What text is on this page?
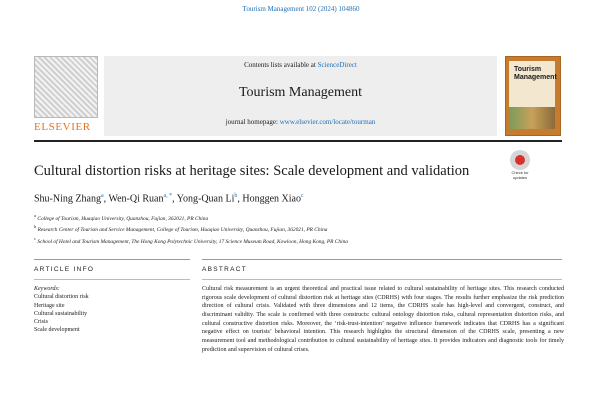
Tourism Management 102 (2024) 104860
ELSEVIER
Contents lists available at ScienceDirect
Tourism Management
journal homepage: www.elsevier.com/locate/tourman
Tourism Management
Check for updates
Cultural distortion risks at heritage sites: Scale development and validation
Shu-Ning Zhang$^a$, Wen-Qi Ruan$^{a, *}$, Yong-Quan Li$^b$, Honggen Xiao$^c$
$^a$ College of Tourism, Huaqiao University, Quanzhou, Fujian, 362021, PR China
$^b$ Research Center of Tourism and Service Management, College of Tourism, Huaqiao University, Quanzhou, Fujian, 362021, PR China
$^c$ School of Hotel and Tourism Management, The Hong Kong Polytechnic University, 17 Science Museum Road, Kowloon, Hong Kong, PR China
ARTICLE INFO	ABSTRACT
Keywords:
Cultural distortion risk
Heritage site
Cultural sustainability
Crisis
Scale development
Cultural risk measurement is an urgent theoretical and practical issue related to cultural sustainability of heritage sites. This research conducted rigorous scale development of cultural distortion risk at heritage sites (CDRHS) with four stages. The results further emphasize the risk prediction direction of cultural crisis. Validated with three dimensions and 12 items, the CDRHS scale has high-level and convergent, construct, and discriminant validity. The scale is confirmed with three constructs: cultural ontology distortion risks, cultural representation distortion risks, and cultural constructive distortion risks. Moreover, the ‘risk-trust-intention’ negative influence framework indicates that CDRHS has a significant negative effect on tourists’ behavioral intention. This research highlights the structural dimension of the CDRHS scale, presenting a new measurement tool and methodological contribution to cultural sustainability of heritage sites. It provides indicators and diagnostic tools for timely prediction and supervision of cultural crises.
